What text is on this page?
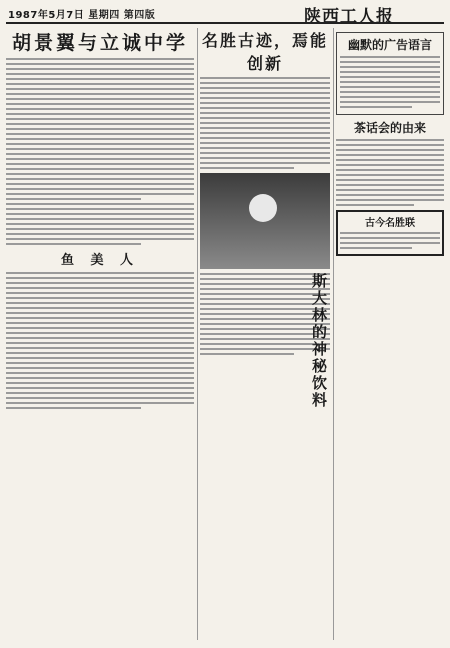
1987年5月7日 星期四 第四版	陕西工人报
胡景翼与立诚中学
鱼 美 人
名胜古迹，焉能创新
斯大林的神秘饮料
幽默的广告语言
茶话会的由来
古今名胜联
